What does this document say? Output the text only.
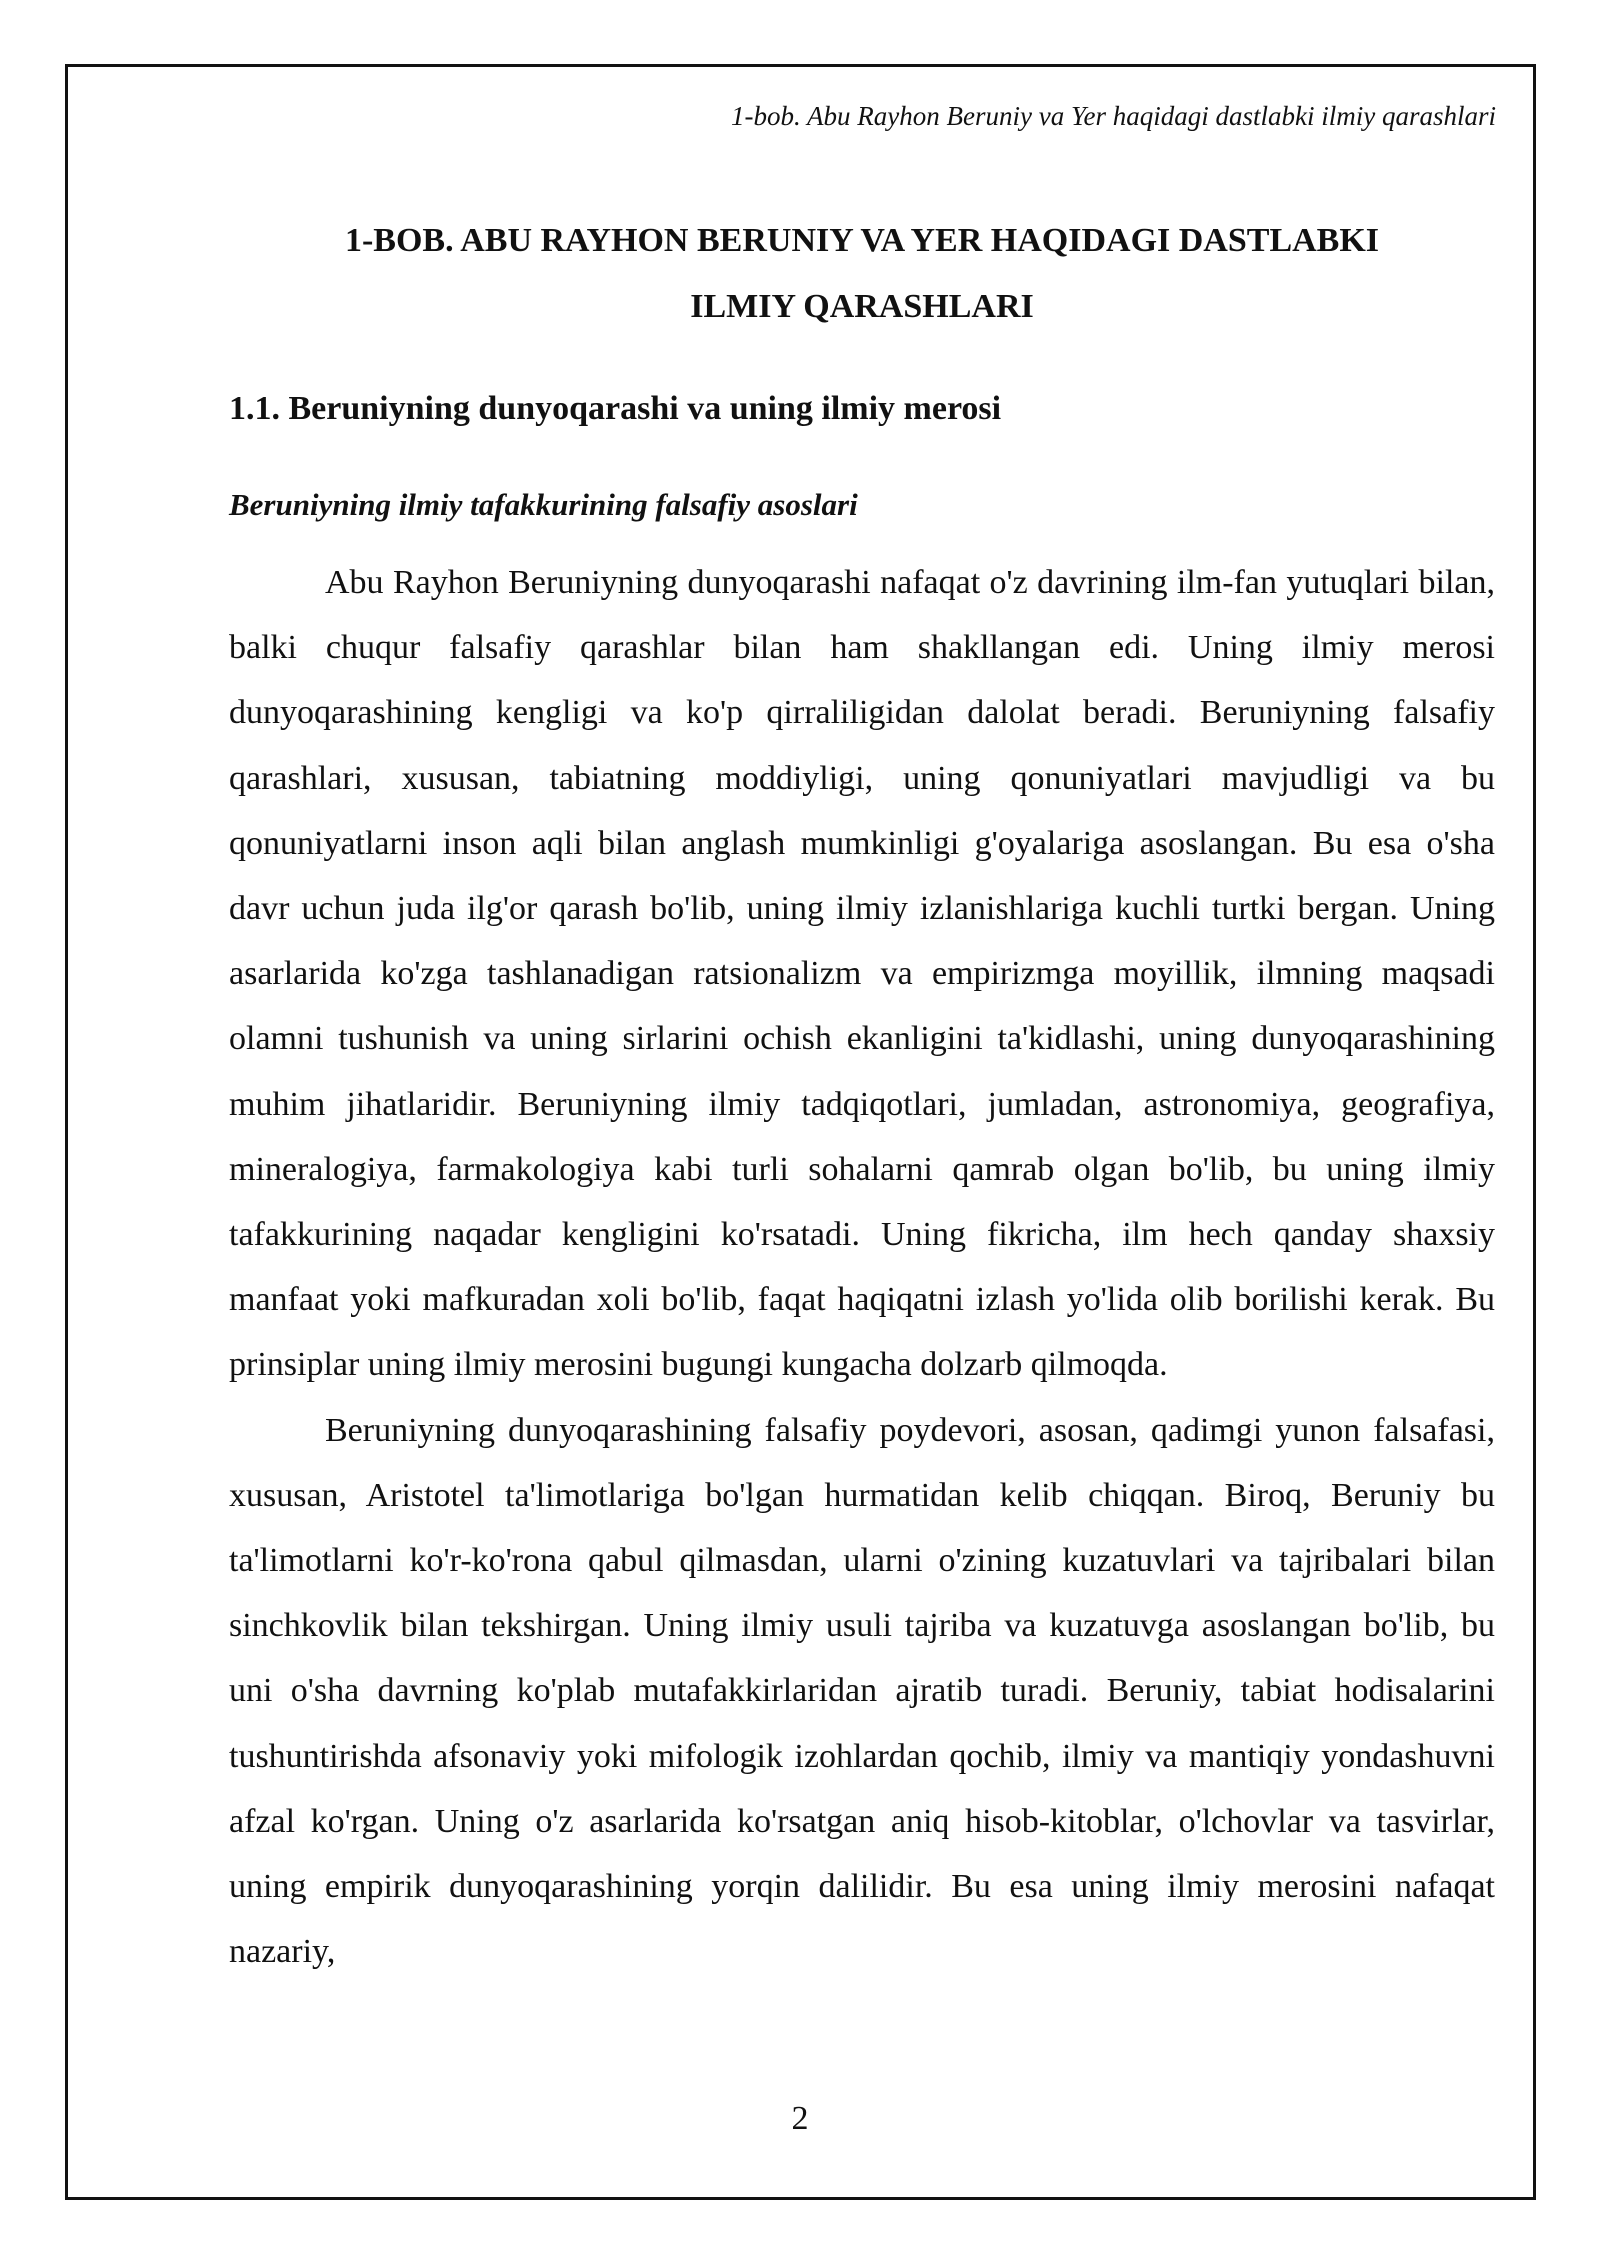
1-bob. Abu Rayhon Beruniy va Yer haqidagi dastlabki ilmiy qarashlari
1-BOB. ABU RAYHON BERUNIY VA YER HAQIDAGI DASTLABKI
ILMIY QARASHLARI
1.1. Beruniyning dunyoqarashi va uning ilmiy merosi
Beruniyning ilmiy tafakkurining falsafiy asoslari

Abu Rayhon Beruniyning dunyoqarashi nafaqat o'z davrining ilm-fan yutuqlari bilan, balki chuqur falsafiy qarashlar bilan ham shakllangan edi. Uning ilmiy merosi dunyoqarashining kengligi va ko'p qirraliligidan dalolat beradi. Beruniyning falsafiy qarashlari, xususan, tabiatning moddiyligi, uning qonuniyatlari mavjudligi va bu qonuniyatlarni inson aqli bilan anglash mumkinligi g'oyalariga asoslangan. Bu esa o'sha davr uchun juda ilg'or qarash bo'lib, uning ilmiy izlanishlariga kuchli turtki bergan. Uning asarlarida ko'zga tashlanadigan ratsionalizm va empirizmga moyillik, ilmning maqsadi olamni tushunish va uning sirlarini ochish ekanligini ta'kidlashi, uning dunyoqarashining muhim jihatlaridir. Beruniyning ilmiy tadqiqotlari, jumladan, astronomiya, geografiya, mineralogiya, farmakologiya kabi turli sohalarni qamrab olgan bo'lib, bu uning ilmiy tafakkurining naqadar kengligini ko'rsatadi. Uning fikricha, ilm hech qanday shaxsiy manfaat yoki mafkuradan xoli bo'lib, faqat haqiqatni izlash yo'lida olib borilishi kerak. Bu prinsiplar uning ilmiy merosini bugungi kungacha dolzarb qilmoqda.

Beruniyning dunyoqarashining falsafiy poydevori, asosan, qadimgi yunon falsafasi, xususan, Aristotel ta'limotlariga bo'lgan hurmatidan kelib chiqqan. Biroq, Beruniy bu ta'limotlarni ko'r-ko'rona qabul qilmasdan, ularni o'zining kuzatuvlari va tajribalari bilan sinchkovlik bilan tekshirgan. Uning ilmiy usuli tajriba va kuzatuvga asoslangan bo'lib, bu uni o'sha davrning ko'plab mutafakkirlaridan ajratib turadi. Beruniy, tabiat hodisalarini tushuntirishda afsonaviy yoki mifologik izohlardan qochib, ilmiy va mantiqiy yondashuvni afzal ko'rgan. Uning o'z asarlarida ko'rsatgan aniq hisob-kitoblar, o'lchovlar va tasvirlar, uning empirik dunyoqarashining yorqin dalilidir. Bu esa uning ilmiy merosini nafaqat nazariy,

2
